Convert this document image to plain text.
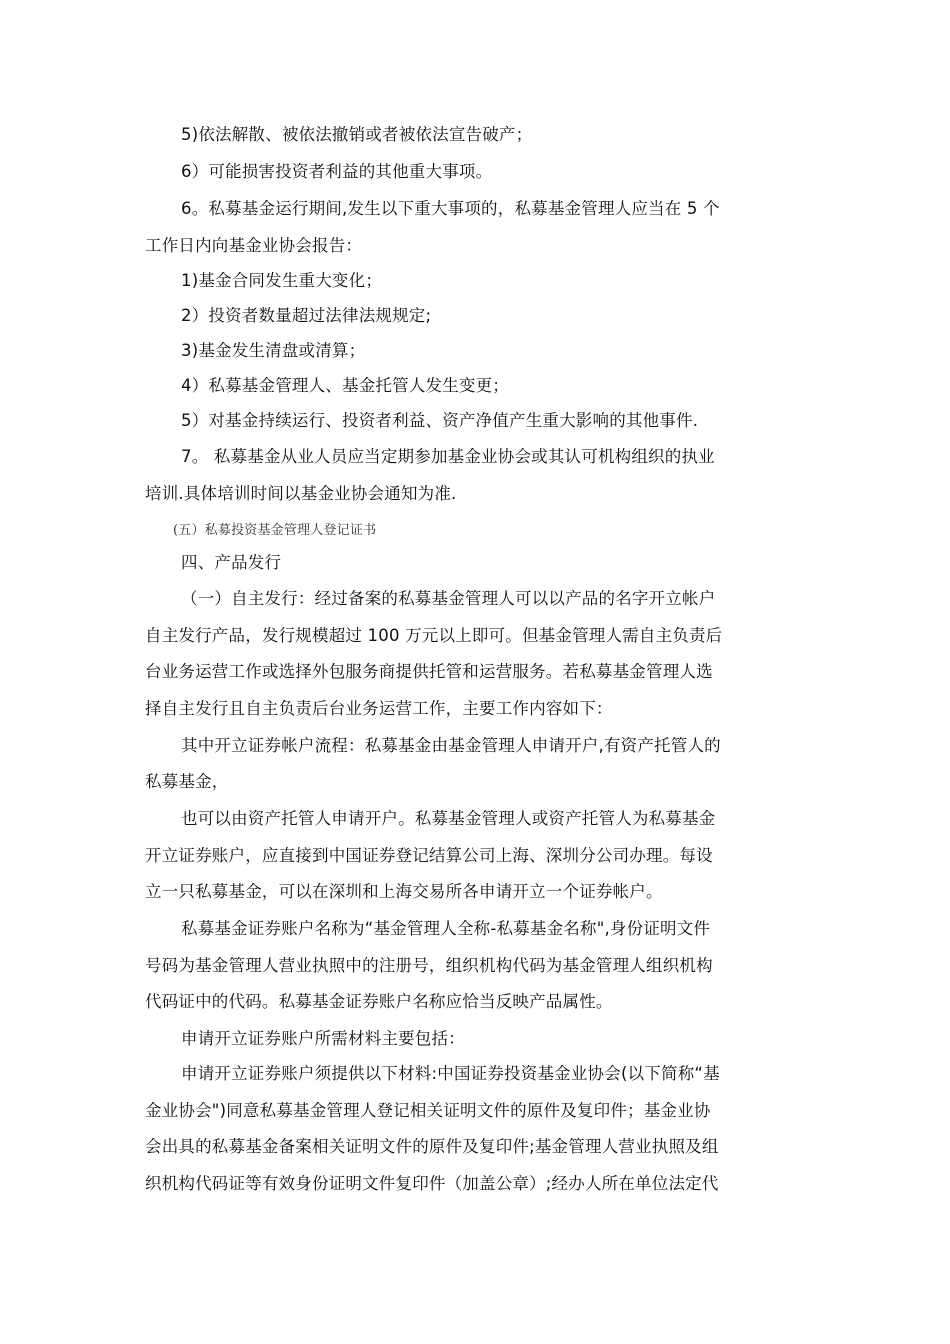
5)依法解散、被依法撤销或者被依法宣告破产；
6）可能损害投资者利益的其他重大事项。
6。私募基金运行期间,发生以下重大事项的，私募基金管理人应当在 5 个
工作日内向基金业协会报告：
1)基金合同发生重大变化；
2）投资者数量超过法律法规规定;
3)基金发生清盘或清算；
4）私募基金管理人、基金托管人发生变更；
5）对基金持续运行、投资者利益、资产净值产生重大影响的其他事件.
7。 私募基金从业人员应当定期参加基金业协会或其认可机构组织的执业
培训.具体培训时间以基金业协会通知为准.
(五）私募投资基金管理人登记证书
四、产品发行
（一）自主发行：经过备案的私募基金管理人可以以产品的名字开立帐户
自主发行产品，发行规模超过 100 万元以上即可。但基金管理人需自主负责后
台业务运营工作或选择外包服务商提供托管和运营服务。若私募基金管理人选
择自主发行且自主负责后台业务运营工作，主要工作内容如下：
其中开立证券帐户流程：私募基金由基金管理人申请开户,有资产托管人的
私募基金，
也可以由资产托管人申请开户。私募基金管理人或资产托管人为私募基金
开立证券账户，应直接到中国证券登记结算公司上海、深圳分公司办理。每设
立一只私募基金，可以在深圳和上海交易所各申请开立一个证券帐户。
私募基金证券账户名称为“基金管理人全称-私募基金名称",身份证明文件
号码为基金管理人营业执照中的注册号，组织机构代码为基金管理人组织机构
代码证中的代码。私募基金证券账户名称应恰当反映产品属性。
申请开立证券账户所需材料主要包括：
申请开立证券账户须提供以下材料:中国证券投资基金业协会(以下简称“基
金业协会")同意私募基金管理人登记相关证明文件的原件及复印件；基金业协
会出具的私募基金备案相关证明文件的原件及复印件;基金管理人营业执照及组
织机构代码证等有效身份证明文件复印件（加盖公章）;经办人所在单位法定代
